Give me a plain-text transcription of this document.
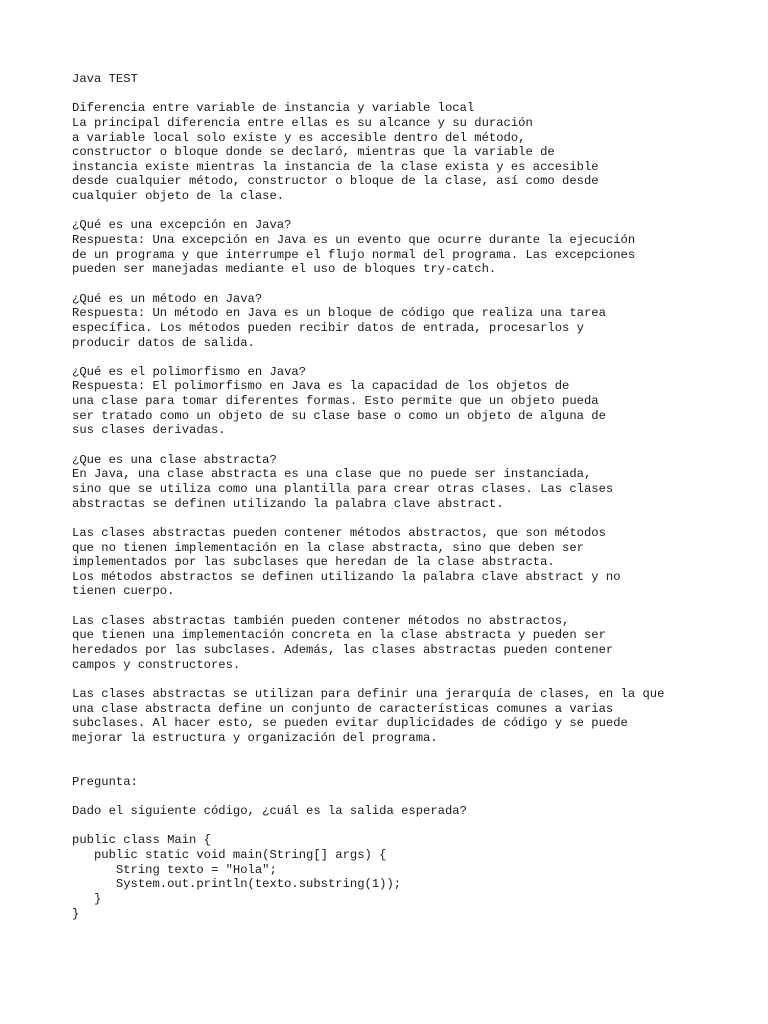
Java TEST
Diferencia entre variable de instancia y variable local
La principal diferencia entre ellas es su alcance y su duración
a variable local solo existe y es accesible dentro del método,
constructor o bloque donde se declaró, mientras que la variable de
instancia existe mientras la instancia de la clase exista y es accesible
desde cualquier método, constructor o bloque de la clase, así como desde
cualquier objeto de la clase.
¿Qué es una excepción en Java?
Respuesta: Una excepción en Java es un evento que ocurre durante la ejecución
de un programa y que interrumpe el flujo normal del programa. Las excepciones
pueden ser manejadas mediante el uso de bloques try-catch.
¿Qué es un método en Java?
Respuesta: Un método en Java es un bloque de código que realiza una tarea
específica. Los métodos pueden recibir datos de entrada, procesarlos y
producir datos de salida.
¿Qué es el polimorfismo en Java?
Respuesta: El polimorfismo en Java es la capacidad de los objetos de
una clase para tomar diferentes formas. Esto permite que un objeto pueda
ser tratado como un objeto de su clase base o como un objeto de alguna de
sus clases derivadas.
¿Que es una clase abstracta?
En Java, una clase abstracta es una clase que no puede ser instanciada,
sino que se utiliza como una plantilla para crear otras clases. Las clases
abstractas se definen utilizando la palabra clave abstract.
Las clases abstractas pueden contener métodos abstractos, que son métodos
que no tienen implementación en la clase abstracta, sino que deben ser
implementados por las subclases que heredan de la clase abstracta.
Los métodos abstractos se definen utilizando la palabra clave abstract y no
tienen cuerpo.
Las clases abstractas también pueden contener métodos no abstractos,
que tienen una implementación concreta en la clase abstracta y pueden ser
heredados por las subclases. Además, las clases abstractas pueden contener
campos y constructores.
Las clases abstractas se utilizan para definir una jerarquía de clases, en la que
una clase abstracta define un conjunto de características comunes a varias
subclases. Al hacer esto, se pueden evitar duplicidades de código y se puede
mejorar la estructura y organización del programa.
Pregunta:
Dado el siguiente código, ¿cuál es la salida esperada?
public class Main {
public static void main(String[] args) {
String texto = "Hola";
System.out.println(texto.substring(1));
}
}
